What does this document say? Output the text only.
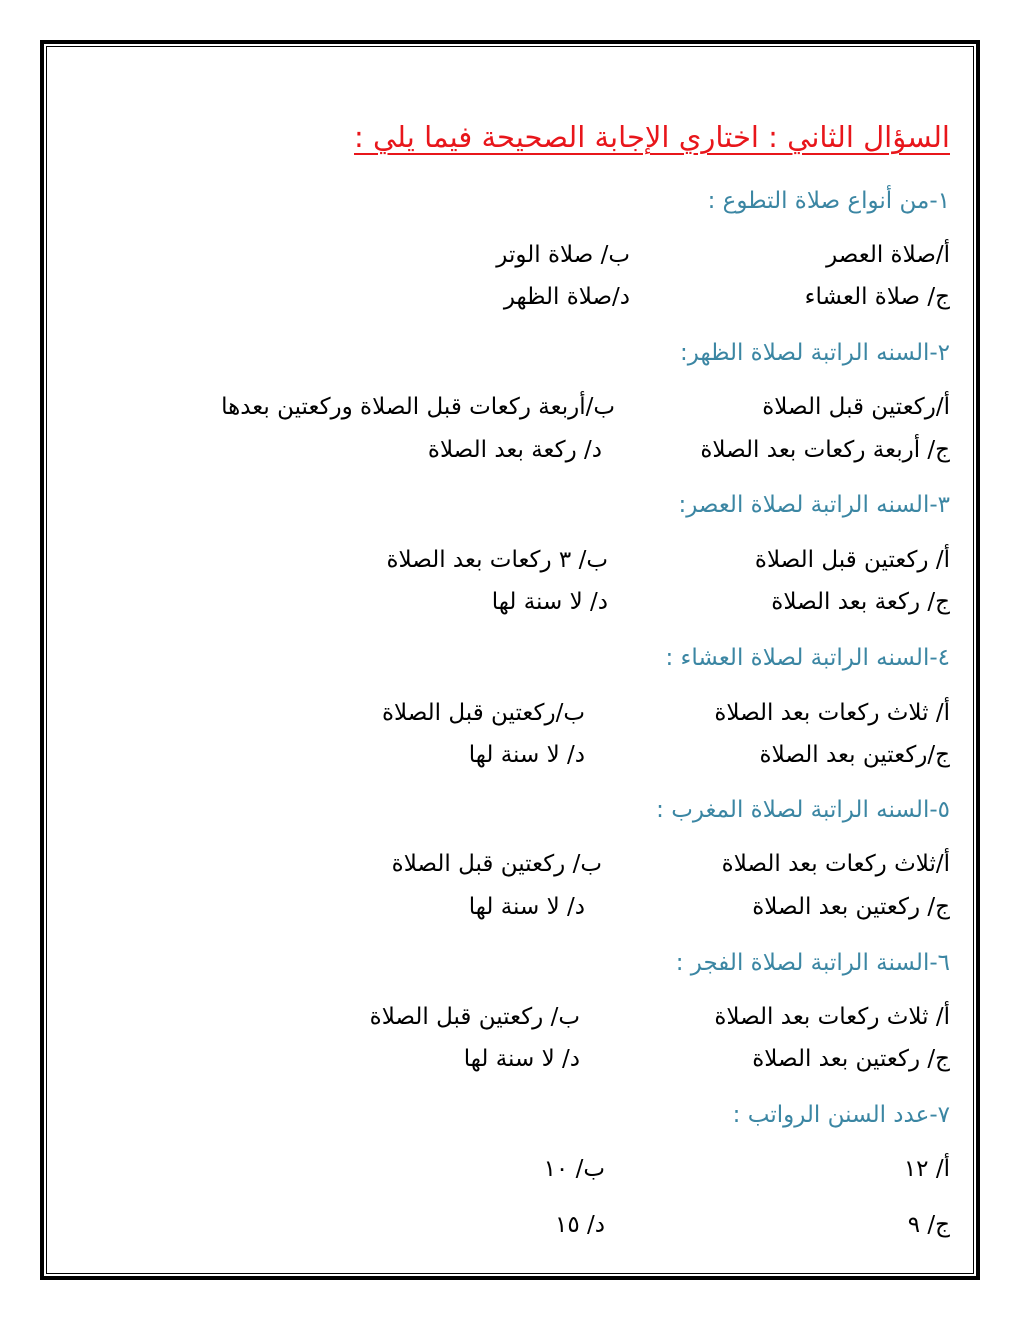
السؤال الثاني : اختاري الإجابة الصحيحة فيما يلي :
١-من أنواع صلاة التطوع :
أ/صلاة العصر
ب/ صلاة الوتر
ج/ صلاة العشاء
د/صلاة الظهر
٢-السنه الراتبة لصلاة الظهر:
أ/ركعتين قبل الصلاة
ب/أربعة ركعات قبل الصلاة وركعتين بعدها
ج/ أربعة ركعات بعد الصلاة
د/ ركعة بعد الصلاة
٣-السنه الراتبة لصلاة العصر:
أ/ ركعتين قبل الصلاة
ب/ ٣ ركعات بعد الصلاة
ج/ ركعة بعد الصلاة
د/ لا سنة لها
٤-السنه الراتبة لصلاة العشاء :
أ/ ثلاث ركعات بعد الصلاة
ب/ركعتين قبل الصلاة
ج/ركعتين بعد الصلاة
د/ لا سنة لها
٥-السنه الراتبة لصلاة المغرب :
أ/ثلاث ركعات بعد الصلاة
ب/ ركعتين قبل الصلاة
ج/ ركعتين بعد الصلاة
د/ لا سنة لها
٦-السنة الراتبة لصلاة الفجر :
أ/ ثلاث ركعات بعد الصلاة
ب/ ركعتين قبل الصلاة
ج/ ركعتين بعد الصلاة
د/ لا سنة لها
٧-عدد السنن الرواتب :
أ/ ١٢
ب/ ١٠
ج/ ٩
د/ ١٥
